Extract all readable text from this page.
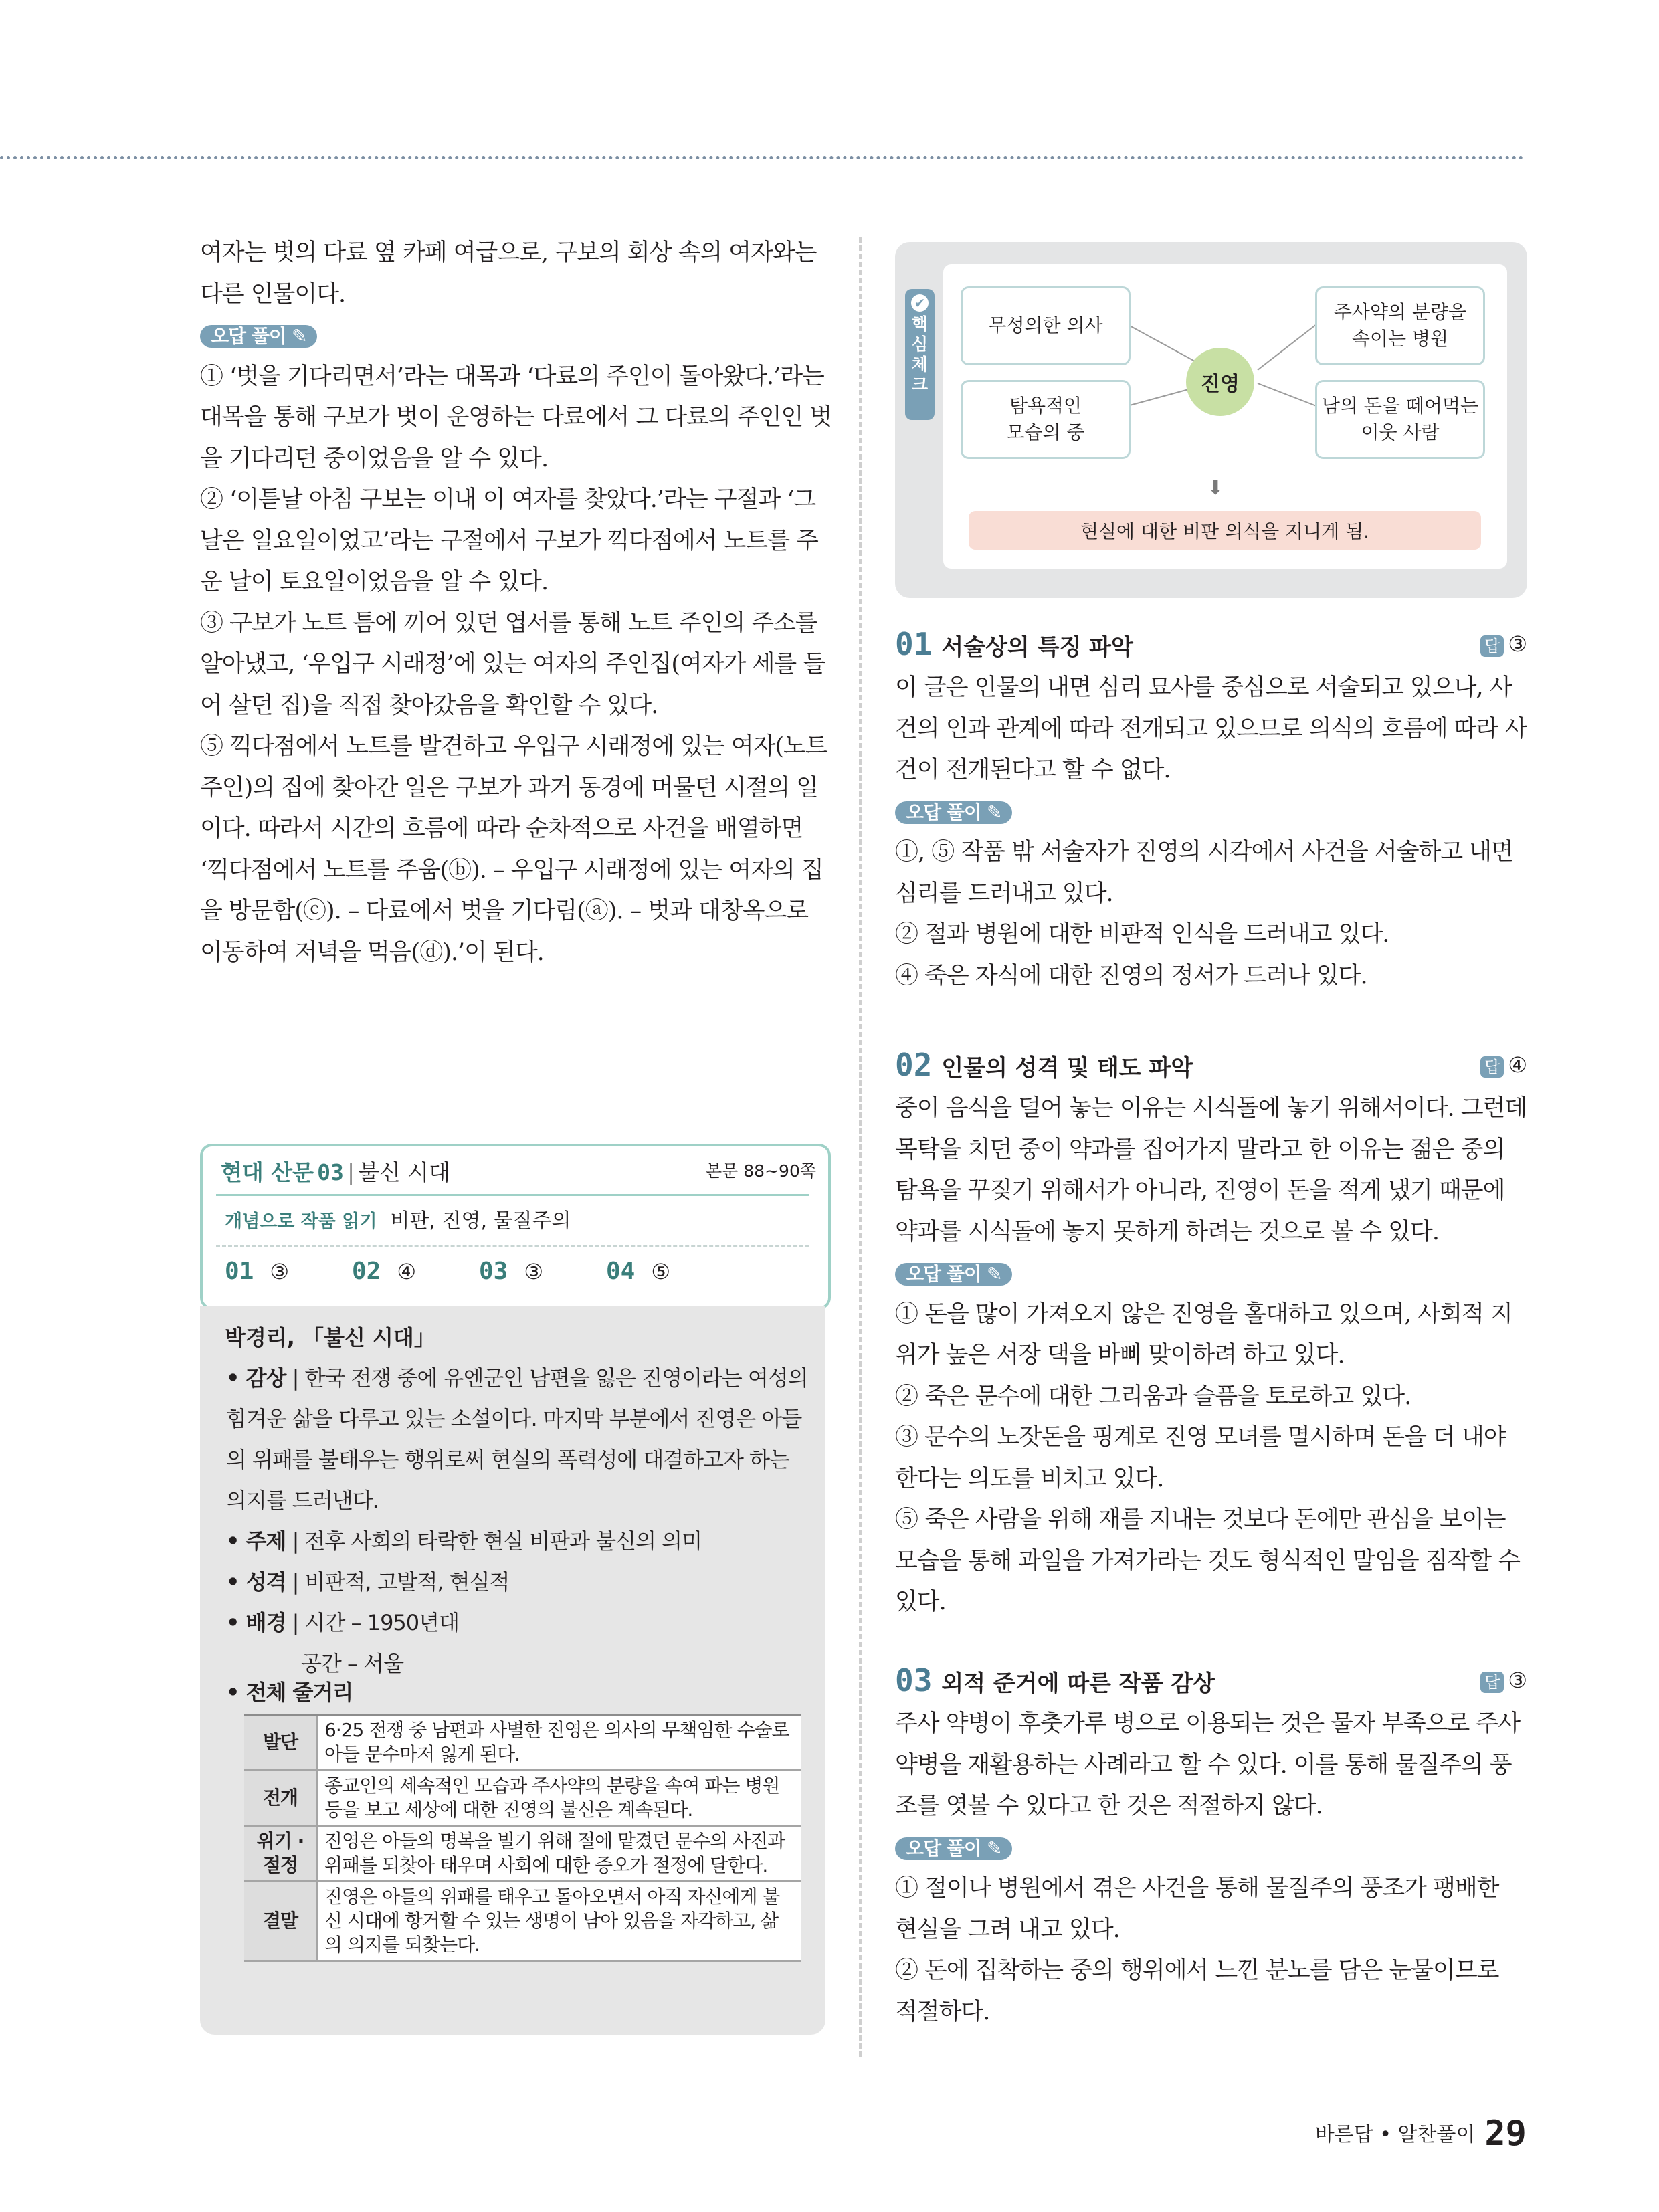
여자는 벗의 다료 옆 카페 여급으로, 구보의 회상 속의 여자와는 다른 인물이다.

오답 풀이 ✎

① ‘벗을 기다리면서’라는 대목과 ‘다료의 주인이 돌아왔다.’라는 대목을 통해 구보가 벗이 운영하는 다료에서 그 다료의 주인인 벗을 기다리던 중이었음을 알 수 있다.

② ‘이튿날 아침 구보는 이내 이 여자를 찾았다.’라는 구절과 ‘그 날은 일요일이었고’라는 구절에서 구보가 끽다점에서 노트를 주운 날이 토요일이었음을 알 수 있다.

③ 구보가 노트 틈에 끼어 있던 엽서를 통해 노트 주인의 주소를 알아냈고, ‘우입구 시래정’에 있는 여자의 주인집(여자가 세를 들어 살던 집)을 직접 찾아갔음을 확인할 수 있다.

⑤ 끽다점에서 노트를 발견하고 우입구 시래정에 있는 여자(노트 주인)의 집에 찾아간 일은 구보가 과거 동경에 머물던 시절의 일이다. 따라서 시간의 흐름에 따라 순차적으로 사건을 배열하면 ‘끽다점에서 노트를 주움(ⓑ). – 우입구 시래정에 있는 여자의 집을 방문함(ⓒ). – 다료에서 벗을 기다림(ⓐ). – 벗과 대창옥으로 이동하여 저녁을 먹음(ⓓ).’이 된다.

✔
핵
심
체
크
무성의한 의사
탐욕적인
모습의 중
주사약의 분량을
속이는 병원
남의 돈을 떼어먹는
이웃 사람
진영
⬇
현실에 대한 비판 의식을 지니게 됨.
01 서술상의 특징 파악	답 ③

이 글은 인물의 내면 심리 묘사를 중심으로 서술되고 있으나, 사건의 인과 관계에 따라 전개되고 있으므로 의식의 흐름에 따라 사건이 전개된다고 할 수 없다.

오답 풀이 ✎

①, ⑤ 작품 밖 서술자가 진영의 시각에서 사건을 서술하고 내면 심리를 드러내고 있다.

② 절과 병원에 대한 비판적 인식을 드러내고 있다.

④ 죽은 자식에 대한 진영의 정서가 드러나 있다.

02 인물의 성격 및 태도 파악	답 ④

중이 음식을 덜어 놓는 이유는 시식돌에 놓기 위해서이다. 그런데 목탁을 치던 중이 약과를 집어가지 말라고 한 이유는 젊은 중의 탐욕을 꾸짖기 위해서가 아니라, 진영이 돈을 적게 냈기 때문에 약과를 시식돌에 놓지 못하게 하려는 것으로 볼 수 있다.

오답 풀이 ✎

① 돈을 많이 가져오지 않은 진영을 홀대하고 있으며, 사회적 지위가 높은 서장 댁을 바삐 맞이하려 하고 있다.

② 죽은 문수에 대한 그리움과 슬픔을 토로하고 있다.

③ 문수의 노잣돈을 핑계로 진영 모녀를 멸시하며 돈을 더 내야 한다는 의도를 비치고 있다.

⑤ 죽은 사람을 위해 재를 지내는 것보다 돈에만 관심을 보이는 모습을 통해 과일을 가져가라는 것도 형식적인 말임을 짐작할 수 있다.

03 외적 준거에 따른 작품 감상	답 ③

주사 약병이 후춧가루 병으로 이용되는 것은 물자 부족으로 주사 약병을 재활용하는 사례라고 할 수 있다. 이를 통해 물질주의 풍조를 엿볼 수 있다고 한 것은 적절하지 않다.

오답 풀이 ✎

① 절이나 병원에서 겪은 사건을 통해 물질주의 풍조가 팽배한 현실을 그려 내고 있다.

② 돈에 집착하는 중의 행위에서 느낀 분노를 담은 눈물이므로 적절하다.

현대 산문 03 | 불신 시대	본문 88~90쪽
개념으로 작품 읽기 비판, 진영, 물질주의
01 ③	02 ④	03 ③	04 ⑤
박경리, 「불신 시대」
• 감상 | 한국 전쟁 중에 유엔군인 남편을 잃은 진영이라는 여성의 힘겨운 삶을 다루고 있는 소설이다. 마지막 부분에서 진영은 아들의 위패를 불태우는 행위로써 현실의 폭력성에 대결하고자 하는 의지를 드러낸다.
• 주제 | 전후 사회의 타락한 현실 비판과 불신의 의미
• 성격 | 비판적, 고발적, 현실적
• 배경 | 시간 – 1950년대
공간 – 서울
• 전체 줄거리
발단	6·25 전쟁 중 남편과 사별한 진영은 의사의 무책임한 수술로 아들 문수마저 잃게 된다.
전개	종교인의 세속적인 모습과 주사약의 분량을 속여 파는 병원 등을 보고 세상에 대한 진영의 불신은 계속된다.
위기 · 절정	진영은 아들의 명복을 빌기 위해 절에 맡겼던 문수의 사진과 위패를 되찾아 태우며 사회에 대한 증오가 절정에 달한다.
결말	진영은 아들의 위패를 태우고 돌아오면서 아직 자신에게 불신 시대에 항거할 수 있는 생명이 남아 있음을 자각하고, 삶의 의지를 되찾는다.
바른답 • 알찬풀이 29
